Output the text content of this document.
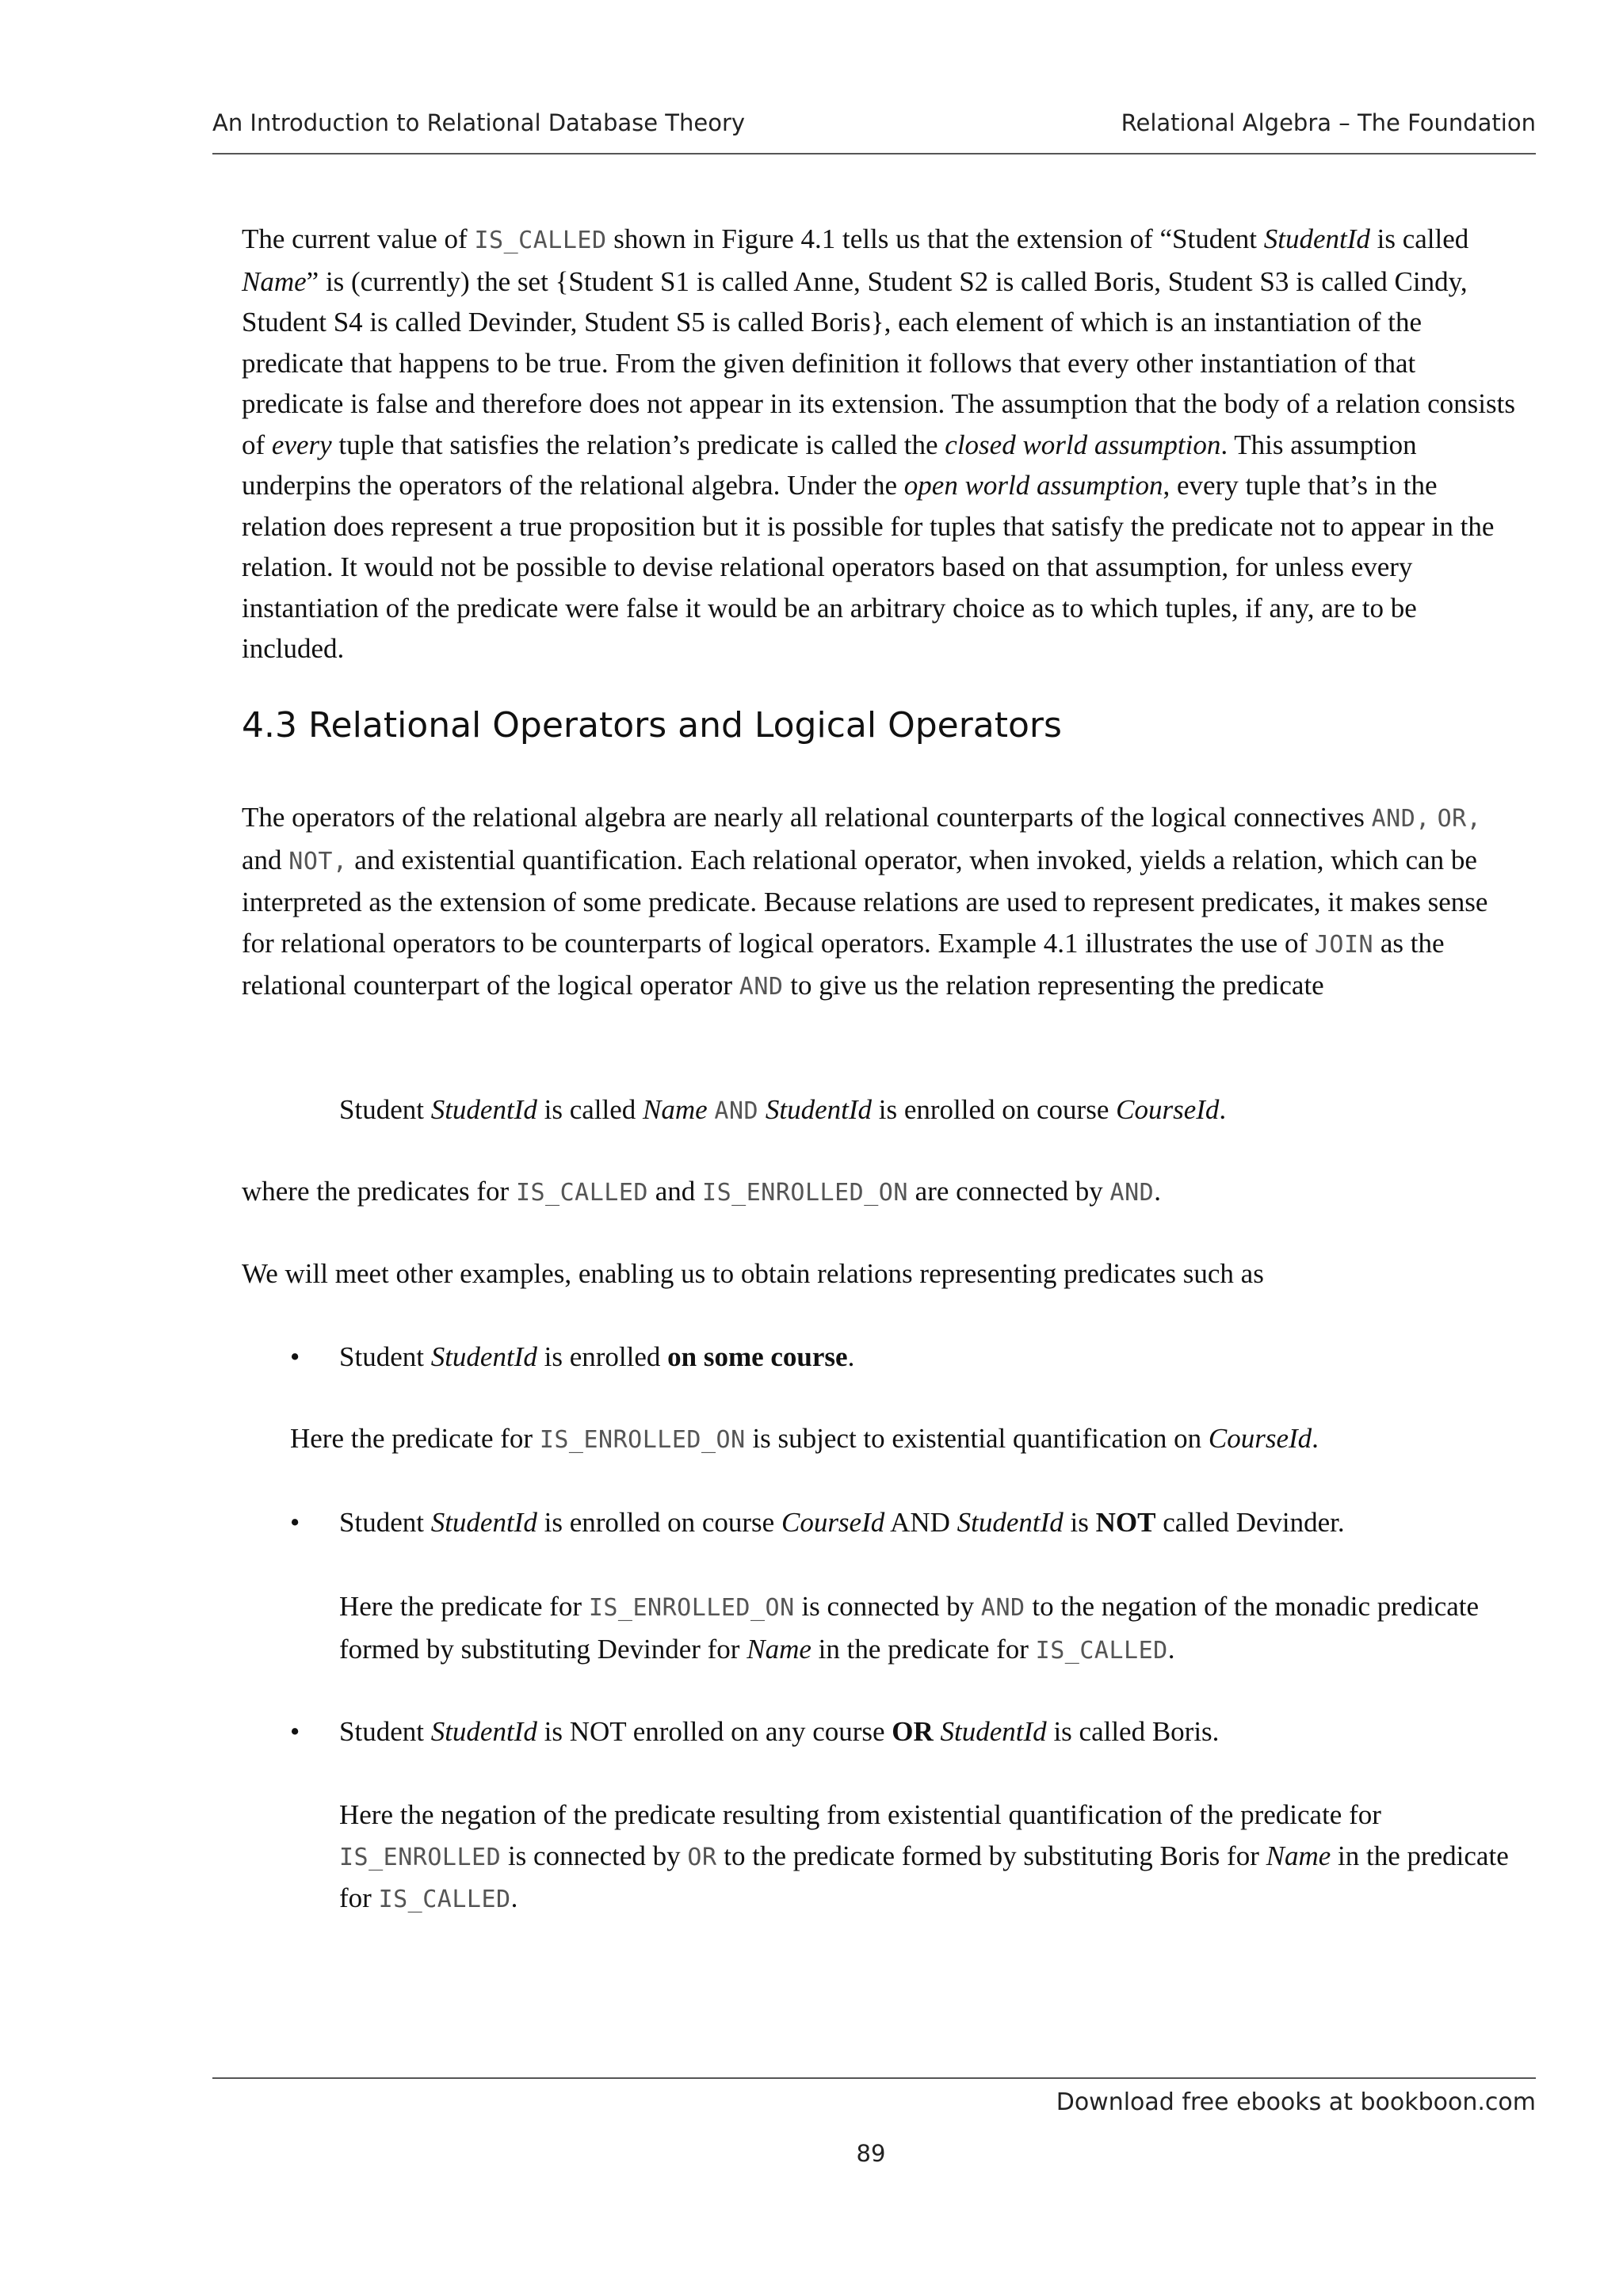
An Introduction to Relational Database Theory	Relational Algebra – The Foundation

The current value of IS_CALLED shown in Figure 4.1 tells us that the extension of “Student StudentId is called Name” is (currently) the set {Student S1 is called Anne, Student S2 is called Boris, Student S3 is called Cindy, Student S4 is called Devinder, Student S5 is called Boris}, each element of which is an instantiation of the predicate that happens to be true. From the given definition it follows that every other instantiation of that predicate is false and therefore does not appear in its extension. The assumption that the body of a relation consists of every tuple that satisfies the relation’s predicate is called the closed world assumption. This assumption underpins the operators of the relational algebra. Under the open world assumption, every tuple that’s in the relation does represent a true proposition but it is possible for tuples that satisfy the predicate not to appear in the relation. It would not be possible to devise relational operators based on that assumption, for unless every instantiation of the predicate were false it would be an arbitrary choice as to which tuples, if any, are to be included.

4.3 Relational Operators and Logical Operators

The operators of the relational algebra are nearly all relational counterparts of the logical connectives AND, OR, and NOT, and existential quantification. Each relational operator, when invoked, yields a relation, which can be interpreted as the extension of some predicate. Because relations are used to represent predicates, it makes sense for relational operators to be counterparts of logical operators. Example 4.1 illustrates the use of JOIN as the relational counterpart of the logical operator AND to give us the relation representing the predicate

Student StudentId is called Name AND StudentId is enrolled on course CourseId.

where the predicates for IS_CALLED and IS_ENROLLED_ON are connected by AND.

We will meet other examples, enabling us to obtain relations representing predicates such as

• Student StudentId is enrolled on some course.
Here the predicate for IS_ENROLLED_ON is subject to existential quantification on CourseId.
• Student StudentId is enrolled on course CourseId AND StudentId is NOT called Devinder.
Here the predicate for IS_ENROLLED_ON is connected by AND to the negation of the monadic predicate formed by substituting Devinder for Name in the predicate for IS_CALLED.
• Student StudentId is NOT enrolled on any course OR StudentId is called Boris.
Here the negation of the predicate resulting from existential quantification of the predicate for IS_ENROLLED is connected by OR to the predicate formed by substituting Boris for Name in the predicate for IS_CALLED.
Download free ebooks at bookboon.com
89
